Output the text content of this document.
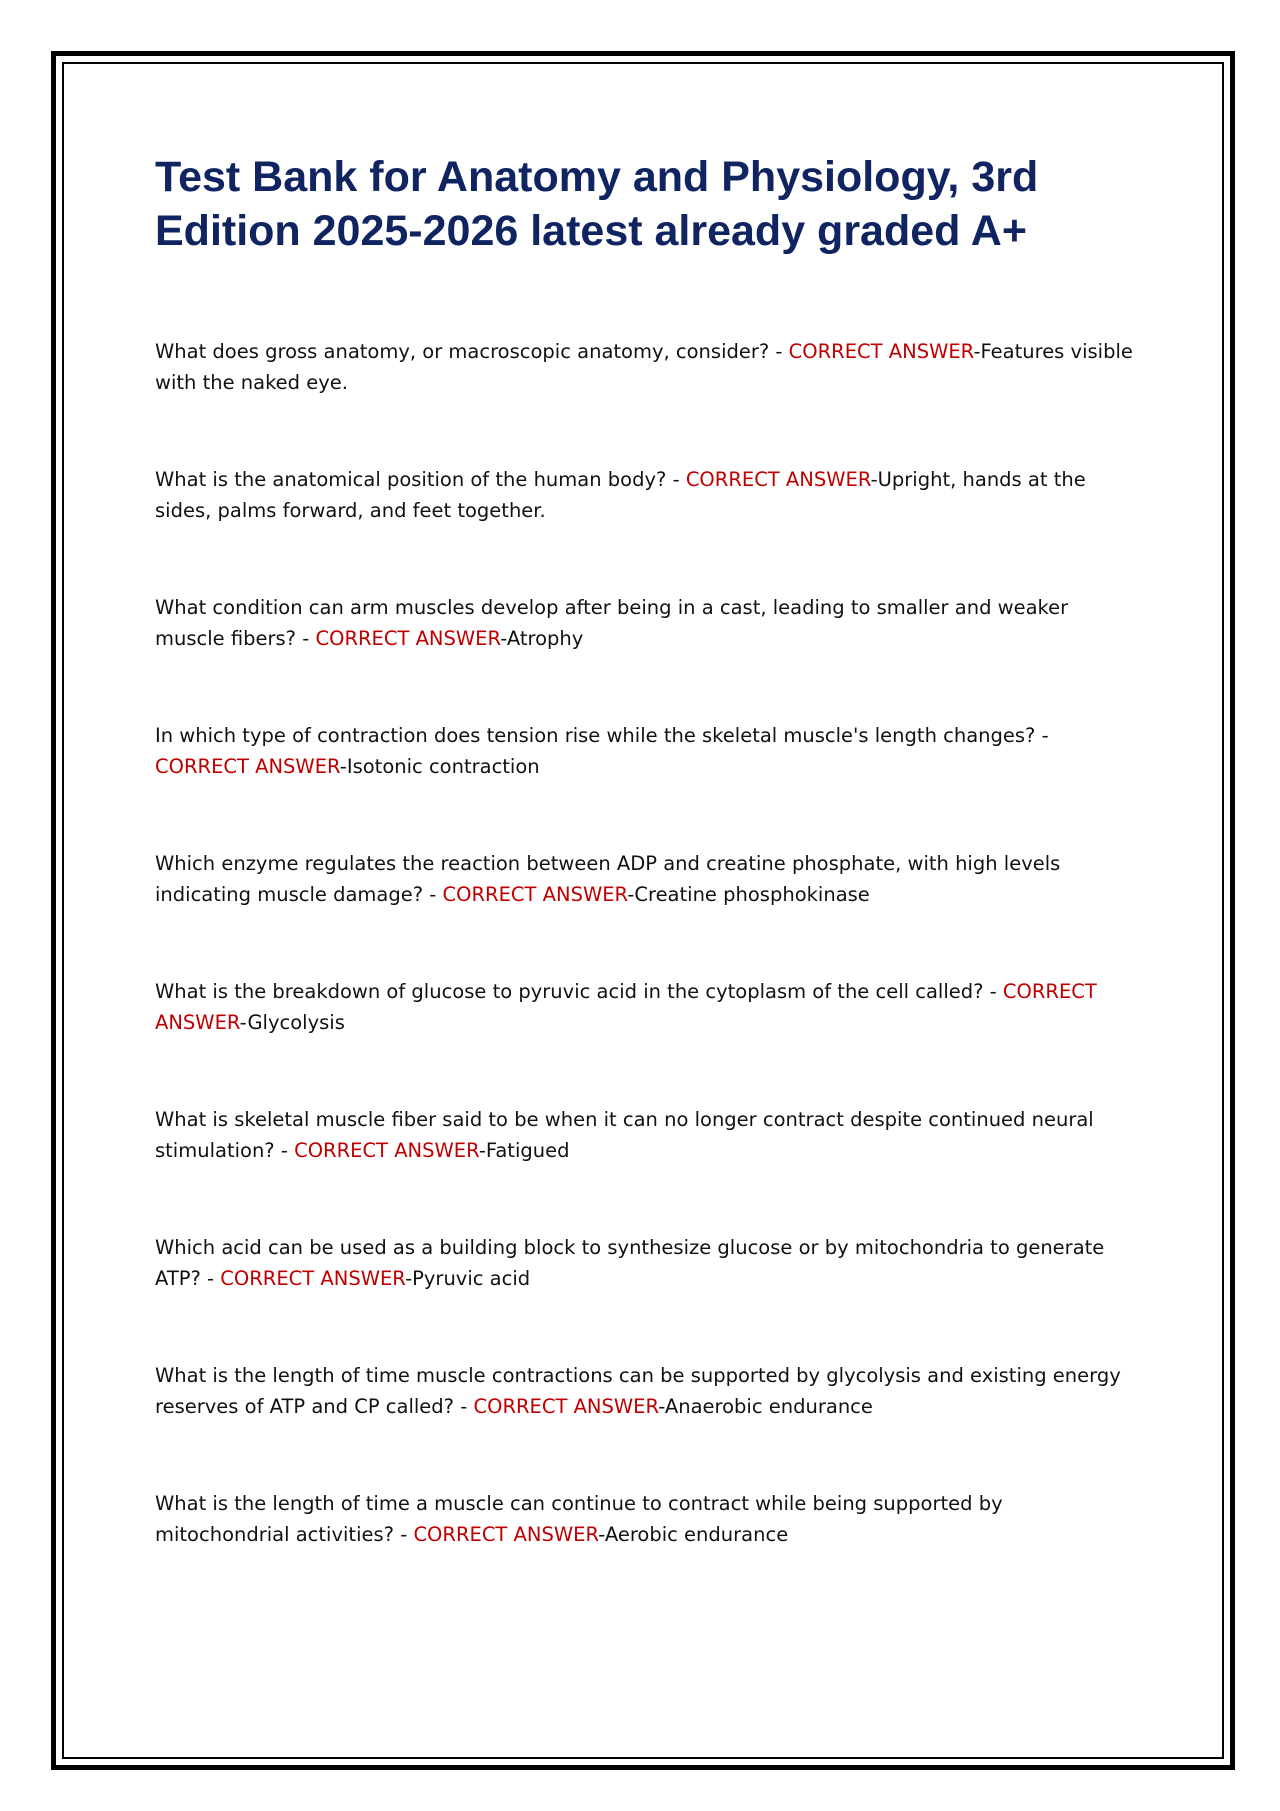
Test Bank for Anatomy and Physiology, 3rd Edition 2025-2026 latest already graded A+
What does gross anatomy, or macroscopic anatomy, consider? - CORRECT ANSWER-Features visible with the naked eye.
What is the anatomical position of the human body? - CORRECT ANSWER-Upright, hands at the sides, palms forward, and feet together.
What condition can arm muscles develop after being in a cast, leading to smaller and weaker muscle fibers? - CORRECT ANSWER-Atrophy
In which type of contraction does tension rise while the skeletal muscle's length changes? - CORRECT ANSWER-Isotonic contraction
Which enzyme regulates the reaction between ADP and creatine phosphate, with high levels indicating muscle damage? - CORRECT ANSWER-Creatine phosphokinase
What is the breakdown of glucose to pyruvic acid in the cytoplasm of the cell called? - CORRECT ANSWER-Glycolysis
What is skeletal muscle fiber said to be when it can no longer contract despite continued neural stimulation? - CORRECT ANSWER-Fatigued
Which acid can be used as a building block to synthesize glucose or by mitochondria to generate ATP? - CORRECT ANSWER-Pyruvic acid
What is the length of time muscle contractions can be supported by glycolysis and existing energy reserves of ATP and CP called? - CORRECT ANSWER-Anaerobic endurance
What is the length of time a muscle can continue to contract while being supported by mitochondrial activities? - CORRECT ANSWER-Aerobic endurance
